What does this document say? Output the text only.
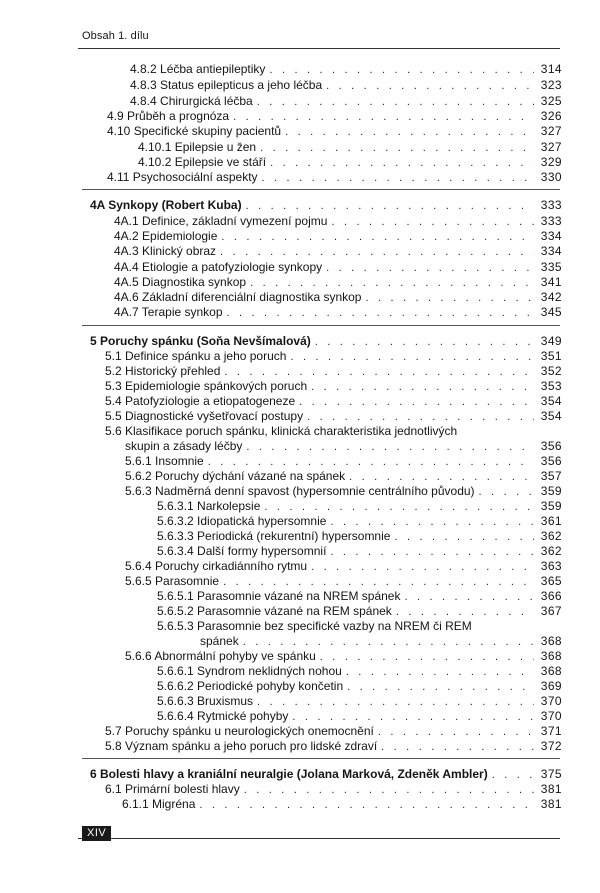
Obsah 1. dílu
4.8.2 Léčba antiepileptiky . . .	314
4.8.3 Status epilepticus a jeho léčba . . .	323
4.8.4 Chirurgická léčba . . .	325
4.9 Průběh a prognóza . . .	326
4.10 Specifické skupiny pacientů . . .	327
4.10.1 Epilepsie u žen . . .	327
4.10.2 Epilepsie ve stáří . . .	329
4.11 Psychosociální aspekty . . .	330
4A Synkopy (Robert Kuba) . . .	333
4A.1 Definice, základní vymezení pojmu . . .	333
4A.2 Epidemiologie . . .	334
4A.3 Klinický obraz . . .	334
4A.4 Etiologie a patofyziologie synkopy . . .	335
4A.5 Diagnostika synkop . . .	341
4A.6 Základní diferenciální diagnostika synkop . . .	342
4A.7 Terapie synkop . . .	345
5 Poruchy spánku (Soňa Nevšímalová) . . .	349
5.1 Definice spánku a jeho poruch . . .	351
5.2 Historický přehled . . .	352
5.3 Epidemiologie spánkových poruch . . .	353
5.4 Patofyziologie a etiopatogeneze . . .	354
5.5 Diagnostické vyšetřovací postupy . . .	354
5.6 Klasifikace poruch spánku, klinická charakteristika jednotlivých
skupin a zásady léčby . . .	356
5.6.1 Insomnie . . .	356
5.6.2 Poruchy dýchání vázané na spánek . . .	357
5.6.3 Nadměrná denní spavost (hypersomnie centrálního původu) . . .	359
5.6.3.1 Narkolepsie . . .	359
5.6.3.2 Idiopatická hypersomnie . . .	361
5.6.3.3 Periodická (rekurentní) hypersomnie . . .	362
5.6.3.4 Další formy hypersomnií . . .	362
5.6.4 Poruchy cirkadiánního rytmu . . .	363
5.6.5 Parasomnie . . .	365
5.6.5.1 Parasomnie vázané na NREM spánek . . .	366
5.6.5.2 Parasomnie vázané na REM spánek . . .	367
5.6.5.3 Parasomnie bez specifické vazby na NREM či REM
spánek . . .	368
5.6.6 Abnormální pohyby ve spánku . . .	368
5.6.6.1 Syndrom neklidných nohou . . .	368
5.6.6.2 Periodické pohyby končetin . . .	369
5.6.6.3 Bruxismus . . .	370
5.6.6.4 Rytmické pohyby . . .	370
5.7 Poruchy spánku u neurologických onemocnění . . .	371
5.8 Význam spánku a jeho poruch pro lidské zdraví . . .	372
6 Bolesti hlavy a kraniální neuralgie (Jolana Marková, Zdeněk Ambler) . . .	375
6.1 Primární bolesti hlavy . . .	381
6.1.1 Migréna . . .	381
XIV
